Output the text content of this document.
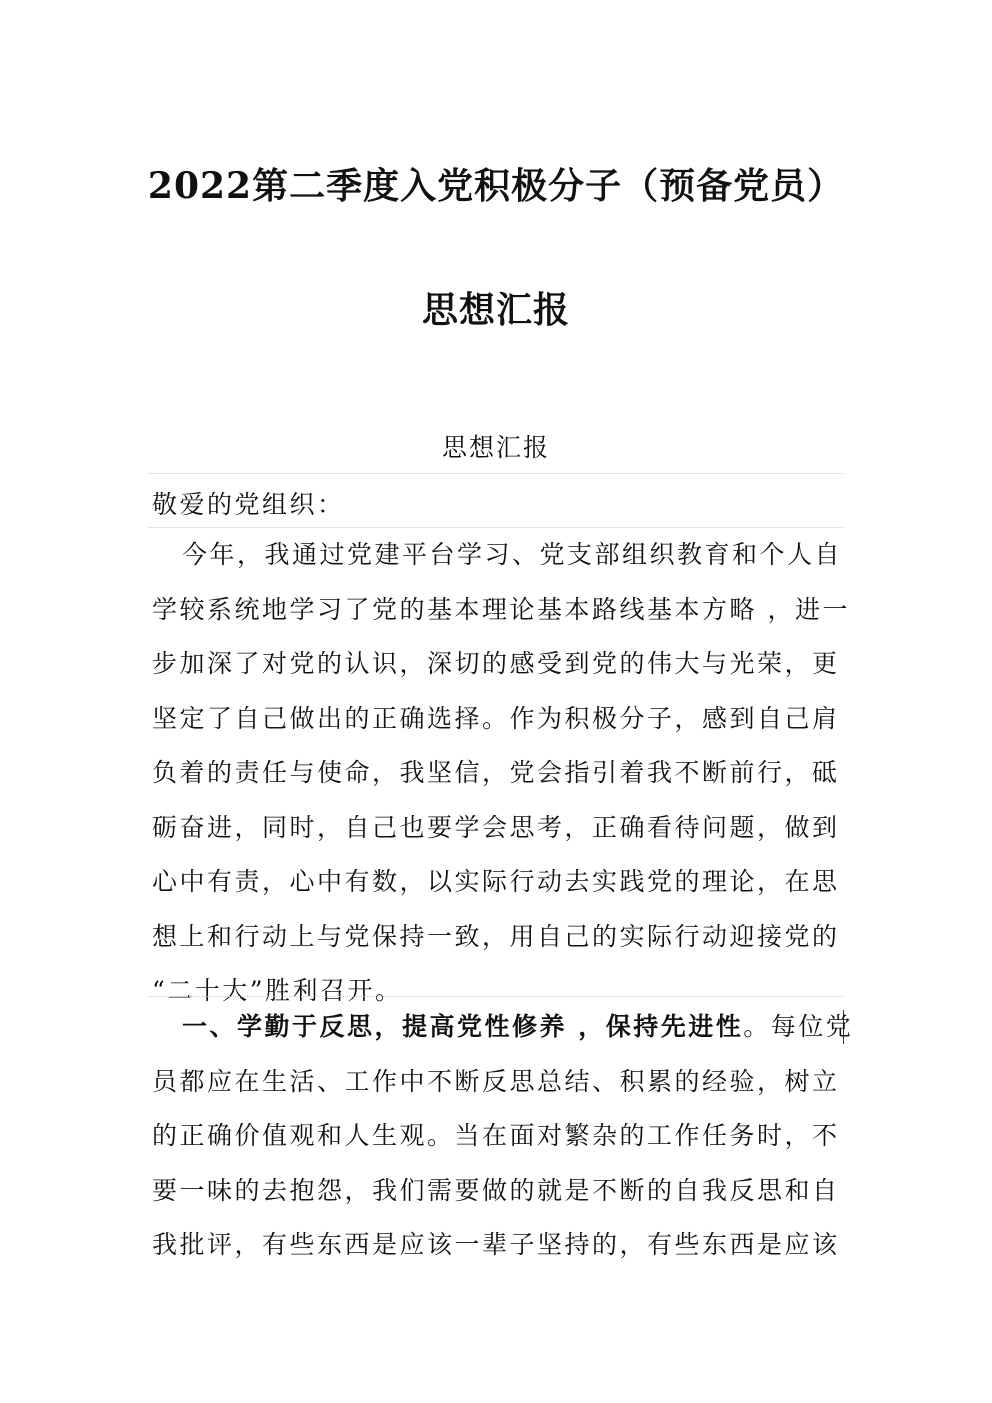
2022第二季度入党积极分子（预备党员）
思想汇报
思想汇报
敬爱的党组织：
今年，我通过党建平台学习、党支部组织教育和个人自
学较系统地学习了党的基本理论基本路线基本方略 ，进一
步加深了对党的认识，深切的感受到党的伟大与光荣，更
坚定了自己做出的正确选择。作为积极分子，感到自己肩
负着的责任与使命，我坚信，党会指引着我不断前行，砥
砺奋进，同时，自己也要学会思考，正确看待问题，做到
心中有责，心中有数，以实际行动去实践党的理论，在思
想上和行动上与党保持一致，用自己的实际行动迎接党的
“二十大”胜利召开。
一、学勤于反思，提高党性修养 ，保持先进性。每位党
员都应在生活、工作中不断反思总结、积累的经验，树立
的正确价值观和人生观。当在面对繁杂的工作任务时，不
要一味的去抱怨，我们需要做的就是不断的自我反思和自
我批评，有些东西是应该一辈子坚持的，有些东西是应该
